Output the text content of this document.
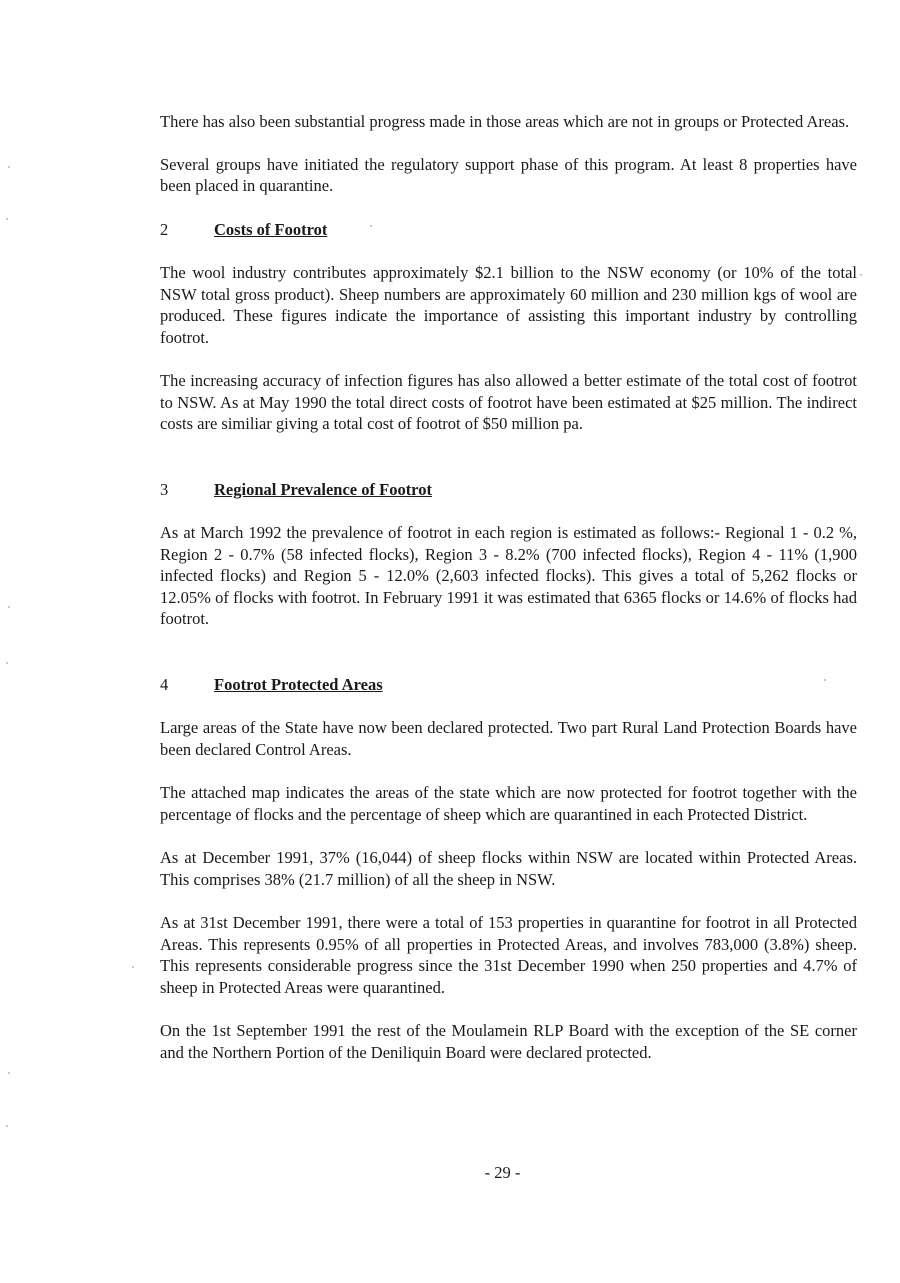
There has also been substantial progress made in those areas which are not in groups or Protected Areas.

Several groups have initiated the regulatory support phase of this program. At least 8 properties have been placed in quarantine.

2	Costs of Footrot

The wool industry contributes approximately $2.1 billion to the NSW economy (or 10% of the total NSW total gross product). Sheep numbers are approximately 60 million and 230 million kgs of wool are produced. These figures indicate the importance of assisting this important industry by controlling footrot.

The increasing accuracy of infection figures has also allowed a better estimate of the total cost of footrot to NSW. As at May 1990 the total direct costs of footrot have been estimated at $25 million. The indirect costs are similiar giving a total cost of footrot of $50 million pa.

3	Regional Prevalence of Footrot

As at March 1992 the prevalence of footrot in each region is estimated as follows:- Regional 1 - 0.2 %, Region 2 - 0.7% (58 infected flocks), Region 3 - 8.2% (700 infected flocks), Region 4 - 11% (1,900 infected flocks) and Region 5 - 12.0% (2,603 infected flocks). This gives a total of 5,262 flocks or 12.05% of flocks with footrot. In February 1991 it was estimated that 6365 flocks or 14.6% of flocks had footrot.

4	Footrot Protected Areas

Large areas of the State have now been declared protected. Two part Rural Land Protection Boards have been declared Control Areas.

The attached map indicates the areas of the state which are now protected for footrot together with the percentage of flocks and the percentage of sheep which are quarantined in each Protected District.

As at December 1991, 37% (16,044) of sheep flocks within NSW are located within Protected Areas. This comprises 38% (21.7 million) of all the sheep in NSW.

As at 31st December 1991, there were a total of 153 properties in quarantine for footrot in all Protected Areas. This represents 0.95% of all properties in Protected Areas, and involves 783,000 (3.8%) sheep. This represents considerable progress since the 31st December 1990 when 250 properties and 4.7% of sheep in Protected Areas were quarantined.

On the 1st September 1991 the rest of the Moulamein RLP Board with the exception of the SE corner and the Northern Portion of the Deniliquin Board were declared protected.

- 29 -
